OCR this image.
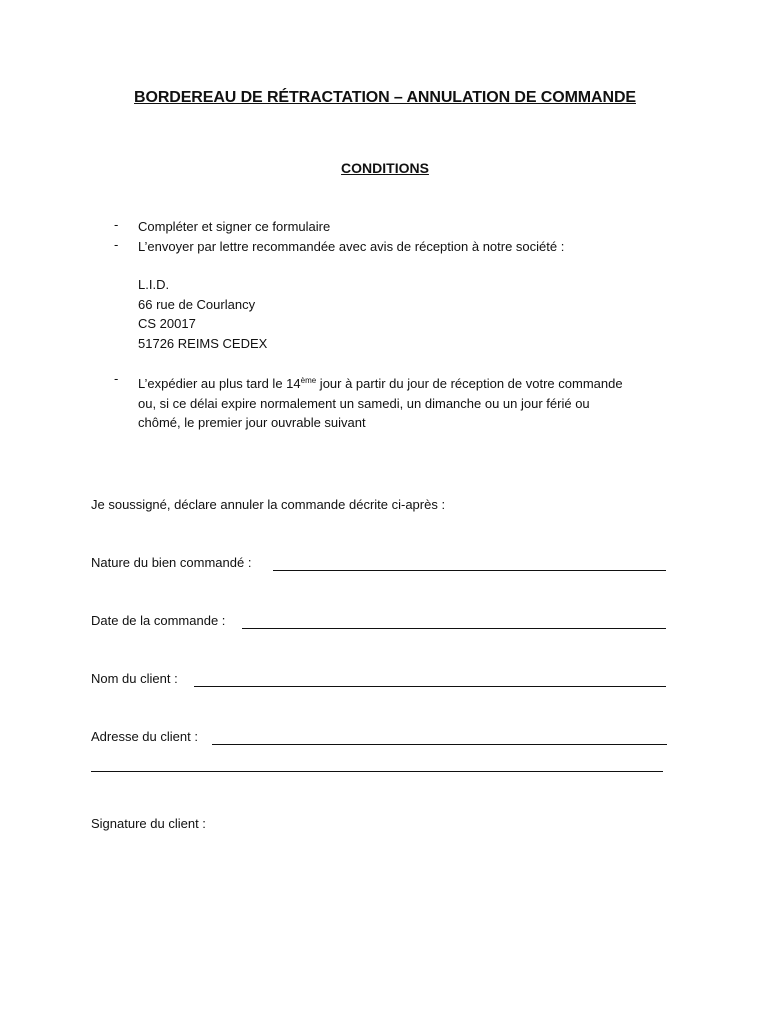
BORDEREAU DE RÉTRACTATION – ANNULATION DE COMMANDE
CONDITIONS
- Compléter et signer ce formulaire
- L’envoyer par lettre recommandée avec avis de réception à notre société :
L.I.D.
66 rue de Courlancy
CS 20017
51726 REIMS CEDEX
- L’expédier au plus tard le 14ème jour à partir du jour de réception de votre commande
ou, si ce délai expire normalement un samedi, un dimanche ou un jour férié ou
chômé, le premier jour ouvrable suivant
Je soussigné, déclare annuler la commande décrite ci-après :
Nature du bien commandé :
Date de la commande :
Nom du client :
Adresse du client :
Signature du client :
